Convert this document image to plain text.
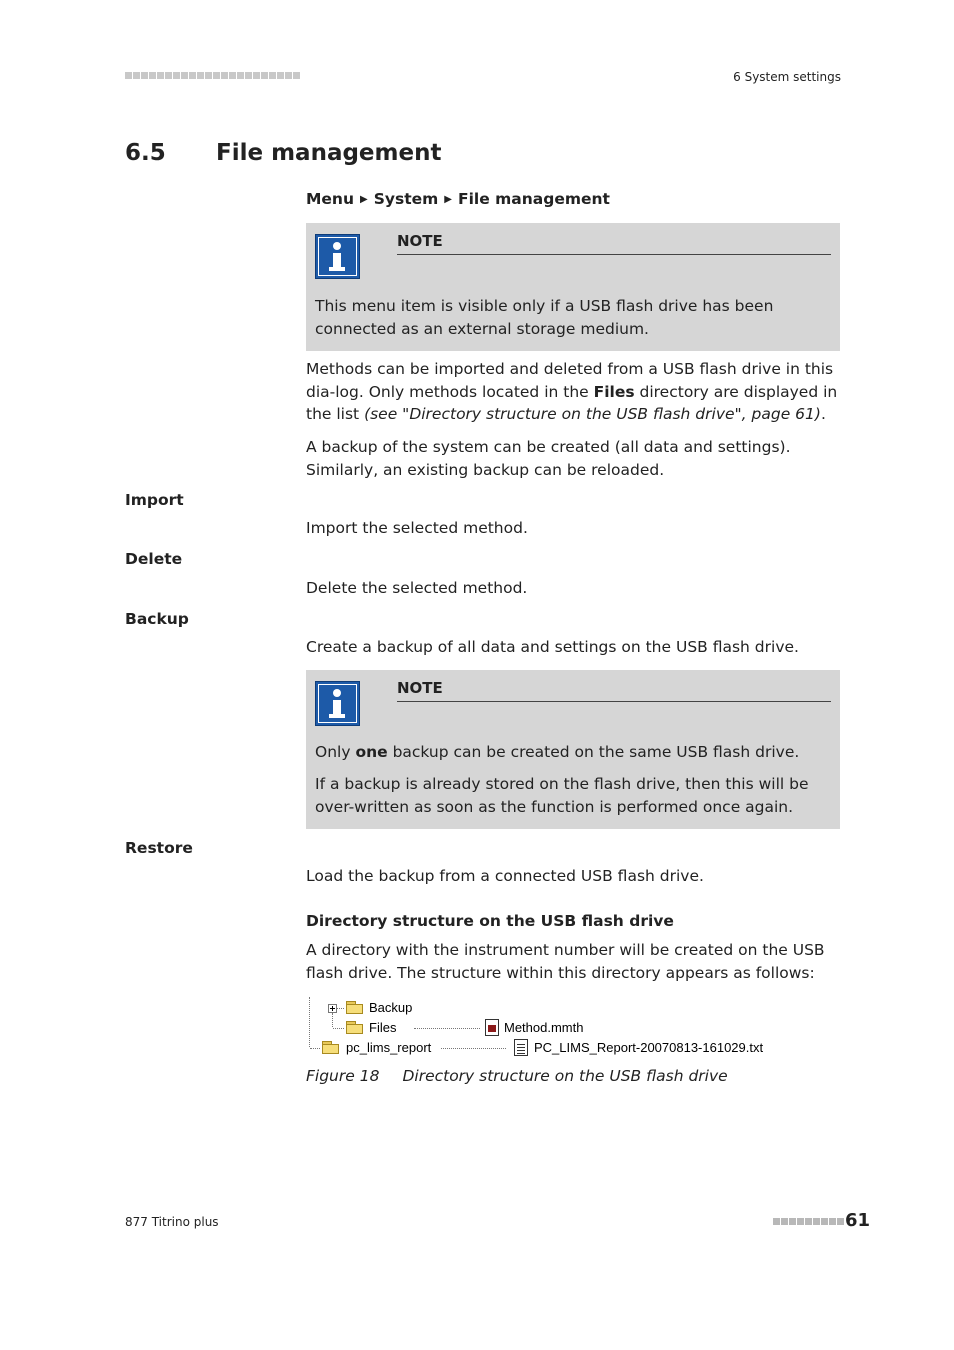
6 System settings
6.5 File management
Menu ▶ System ▶ File management
NOTE
This menu item is visible only if a USB flash drive has been connected as an external storage medium.
Methods can be imported and deleted from a USB flash drive in this dia-log. Only methods located in the Files directory are displayed in the list (see "Directory structure on the USB flash drive", page 61).
A backup of the system can be created (all data and settings). Similarly, an existing backup can be reloaded.
Import
Import the selected method.
Delete
Delete the selected method.
Backup
Create a backup of all data and settings on the USB flash drive.
NOTE
Only one backup can be created on the same USB flash drive.
If a backup is already stored on the flash drive, then this will be over-written as soon as the function is performed once again.
Restore
Load the backup from a connected USB flash drive.
Directory structure on the USB flash drive
A directory with the instrument number will be created on the USB flash drive. The structure within this directory appears as follows:
Backup
Files	Method.mmth
pc_lims_report	PC_LIMS_Report-20070813-161029.txt
Figure 18 Directory structure on the USB flash drive
877 Titrino plus	61
